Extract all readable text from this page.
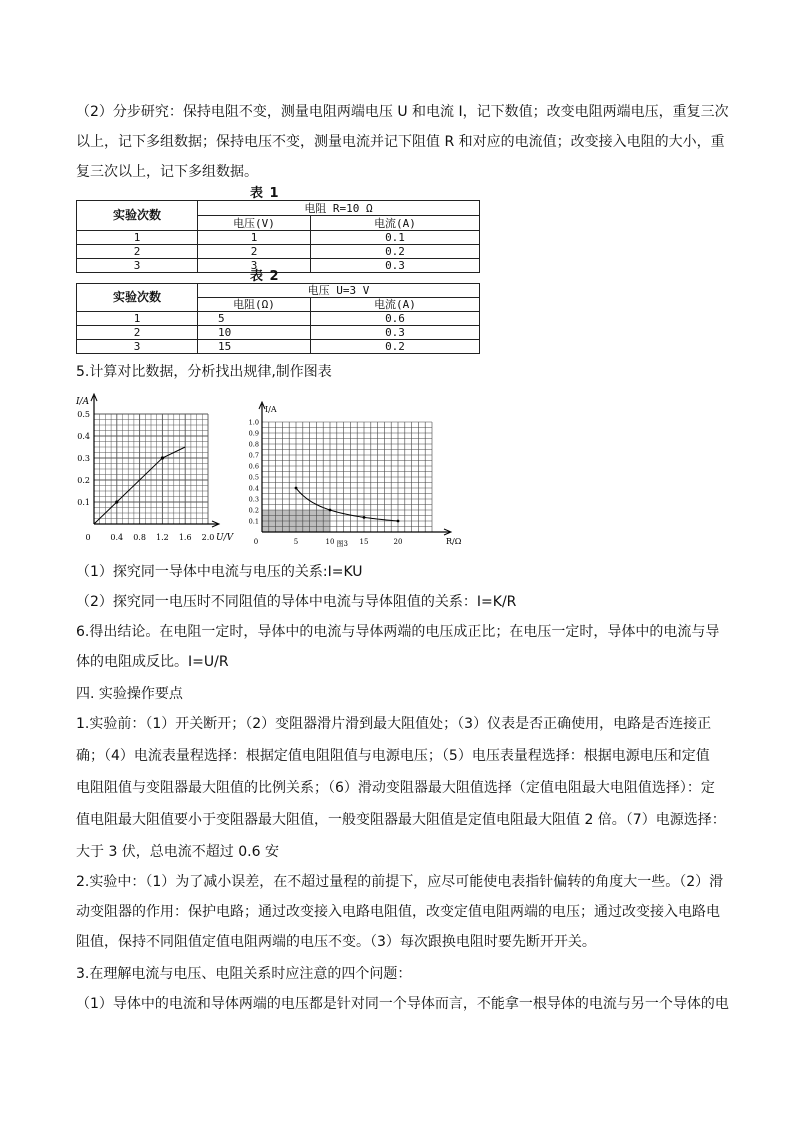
（2）分步研究：保持电阻不变，测量电阻两端电压 U 和电流 I，记下数值；改变电阻两端电压，重复三次
以上，记下多组数据；保持电压不变，测量电流并记下阻值 R 和对应的电流值；改变接入电阻的大小，重
复三次以上，记下多组数据。
表 1
实验次数	电阻 R=10 Ω	
	电压(V)	电流(A)
1	1	0.1
2	2	0.2
3	3	0.3
表 2
实验次数	电压 U=3 V	
	电阻(Ω)	电流(A)
1	5	0.6
2	10	0.3
3	15	0.2
5.计算对比数据，分析找出规律,制作图表
I/A
U/V
0.1
0.2
0.3
0.4
0.5
0 0.4 0.8 1.2 1.6 2.0
I/A
R/Ω
0.1
0.2
0.3
0.4
0.5
0.6
0.7
0.8
0.9
1.0
0	5	10	15	20
图3
（1）探究同一导体中电流与电压的关系:I=KU
（2）探究同一电压时不同阻值的导体中电流与导体阻值的关系：I=K/R
6.得出结论。在电阻一定时，导体中的电流与导体两端的电压成正比；在电压一定时，导体中的电流与导
体的电阻成反比。I=U/R
四. 实验操作要点
1.实验前：（1）开关断开；（2）变阻器滑片滑到最大阻值处；（3）仪表是否正确使用，电路是否连接正
确；（4）电流表量程选择：根据定值电阻阻值与电源电压；（5）电压表量程选择：根据电源电压和定值
电阻阻值与变阻器最大阻值的比例关系；（6）滑动变阻器最大阻值选择（定值电阻最大电阻值选择）：定
值电阻最大阻值要小于变阻器最大阻值，一般变阻器最大阻值是定值电阻最大阻值 2 倍。（7）电源选择：
大于 3 伏，总电流不超过 0.6 安
2.实验中：（1）为了减小误差，在不超过量程的前提下，应尽可能使电表指针偏转的角度大一些。（2）滑
动变阻器的作用：保护电路；通过改变接入电路电阻值，改变定值电阻两端的电压；通过改变接入电路电
阻值，保持不同阻值定值电阻两端的电压不变。（3）每次跟换电阻时要先断开开关。
3.在理解电流与电压、电阻关系时应注意的四个问题：
（1）导体中的电流和导体两端的电压都是针对同一个导体而言，不能拿一根导体的电流与另一个导体的电
